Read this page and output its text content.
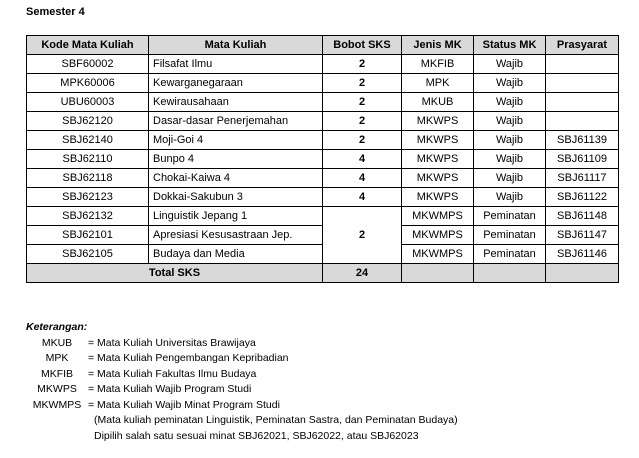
Semester 4
Kode Mata Kuliah	Mata Kuliah	Bobot SKS	Jenis MK	Status MK	Prasyarat
SBF60002	Filsafat Ilmu	2	MKFIB	Wajib	
MPK60006	Kewarganegaraan	2	MPK	Wajib	
UBU60003	Kewirausahaan	2	MKUB	Wajib	
SBJ62120	Dasar-dasar Penerjemahan	2	MKWPS	Wajib	
SBJ62140	Moji-Goi 4	2	MKWPS	Wajib	SBJ61139
SBJ62110	Bunpo 4	4	MKWPS	Wajib	SBJ61109
SBJ62118	Chokai-Kaiwa 4	4	MKWPS	Wajib	SBJ61117
SBJ62123	Dokkai-Sakubun 3	4	MKWPS	Wajib	SBJ61122
SBJ62132	Linguistik Jepang 1	2	MKWMPS	Peminatan	SBJ61148
SBJ62101	Apresiasi Kesusastraan Jep.		MKWMPS	Peminatan	SBJ61147
SBJ62105	Budaya dan Media		MKWMPS	Peminatan	SBJ61146
Total SKS		24			
Keterangan:
MKUB	= Mata Kuliah Universitas Brawijaya
MPK	= Mata Kuliah Pengembangan Kepribadian
MKFIB	= Mata Kuliah Fakultas Ilmu Budaya
MKWPS	= Mata Kuliah Wajib Program Studi
MKWMPS = Mata Kuliah Wajib Minat Program Studi
(Mata kuliah peminatan Linguistik, Peminatan Sastra, dan Peminatan Budaya)
Dipilih salah satu sesuai minat SBJ62021, SBJ62022, atau SBJ62023
